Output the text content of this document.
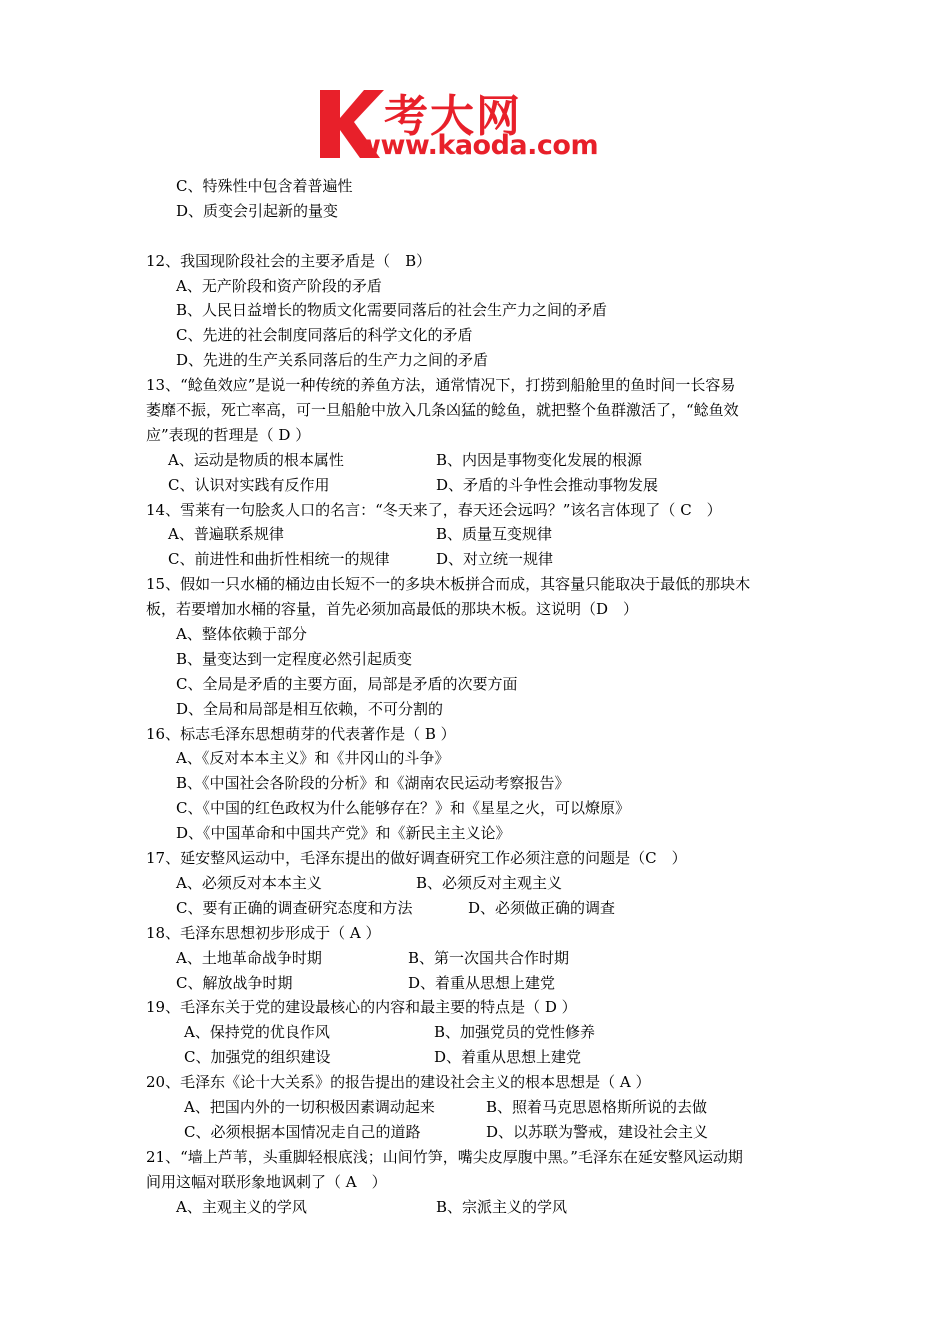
考大网
www.kaoda.com
C、特殊性中包含着普遍性
D、质变会引起新的量变
12、我国现阶段社会的主要矛盾是（　B）
A、无产阶段和资产阶段的矛盾
B、人民日益增长的物质文化需要同落后的社会生产力之间的矛盾
C、先进的社会制度同落后的科学文化的矛盾
D、先进的生产关系同落后的生产力之间的矛盾
13、“鲶鱼效应”是说一种传统的养鱼方法，通常情况下，打捞到船舱里的鱼时间一长容易
萎靡不振，死亡率高，可一旦船舱中放入几条凶猛的鲶鱼，就把整个鱼群激活了，“鲶鱼效
应”表现的哲理是（ D ）
A、运动是物质的根本属性	B、内因是事物变化发展的根源
C、认识对实践有反作用	D、矛盾的斗争性会推动事物发展
14、雪莱有一句脍炙人口的名言：“冬天来了，春天还会远吗？”该名言体现了（ C　）
A、普遍联系规律	B、质量互变规律
C、前进性和曲折性相统一的规律	D、对立统一规律
15、假如一只水桶的桶边由长短不一的多块木板拼合而成，其容量只能取决于最低的那块木
板，若要增加水桶的容量，首先必须加高最低的那块木板。这说明（D　）
A、整体依赖于部分
B、量变达到一定程度必然引起质变
C、全局是矛盾的主要方面，局部是矛盾的次要方面
D、全局和局部是相互依赖，不可分割的
16、标志毛泽东思想萌芽的代表著作是（ B ）
A、《反对本本主义》和《井冈山的斗争》
B、《中国社会各阶段的分析》和《湖南农民运动考察报告》
C、《中国的红色政权为什么能够存在？》和《星星之火，可以燎原》
D、《中国革命和中国共产党》和《新民主主义论》
17、延安整风运动中，毛泽东提出的做好调查研究工作必须注意的问题是（C　）
A、必须反对本本主义	B、必须反对主观主义
C、要有正确的调查研究态度和方法	D、必须做正确的调查
18、毛泽东思想初步形成于（ A ）
A、土地革命战争时期	B、第一次国共合作时期
C、解放战争时期	D、着重从思想上建党
19、毛泽东关于党的建设最核心的内容和最主要的特点是（ D ）
A、保持党的优良作风	B、加强党员的党性修养
C、加强党的组织建设	D、着重从思想上建党
20、毛泽东《论十大关系》的报告提出的建设社会主义的根本思想是（ A ）
A、把国内外的一切积极因素调动起来	B、照着马克思恩格斯所说的去做
C、必须根据本国情况走自己的道路	D、以苏联为警戒，建设社会主义
21、“墙上芦苇，头重脚轻根底浅；山间竹笋，嘴尖皮厚腹中黑。”毛泽东在延安整风运动期
间用这幅对联形象地讽刺了（ A　）
A、主观主义的学风	B、宗派主义的学风
